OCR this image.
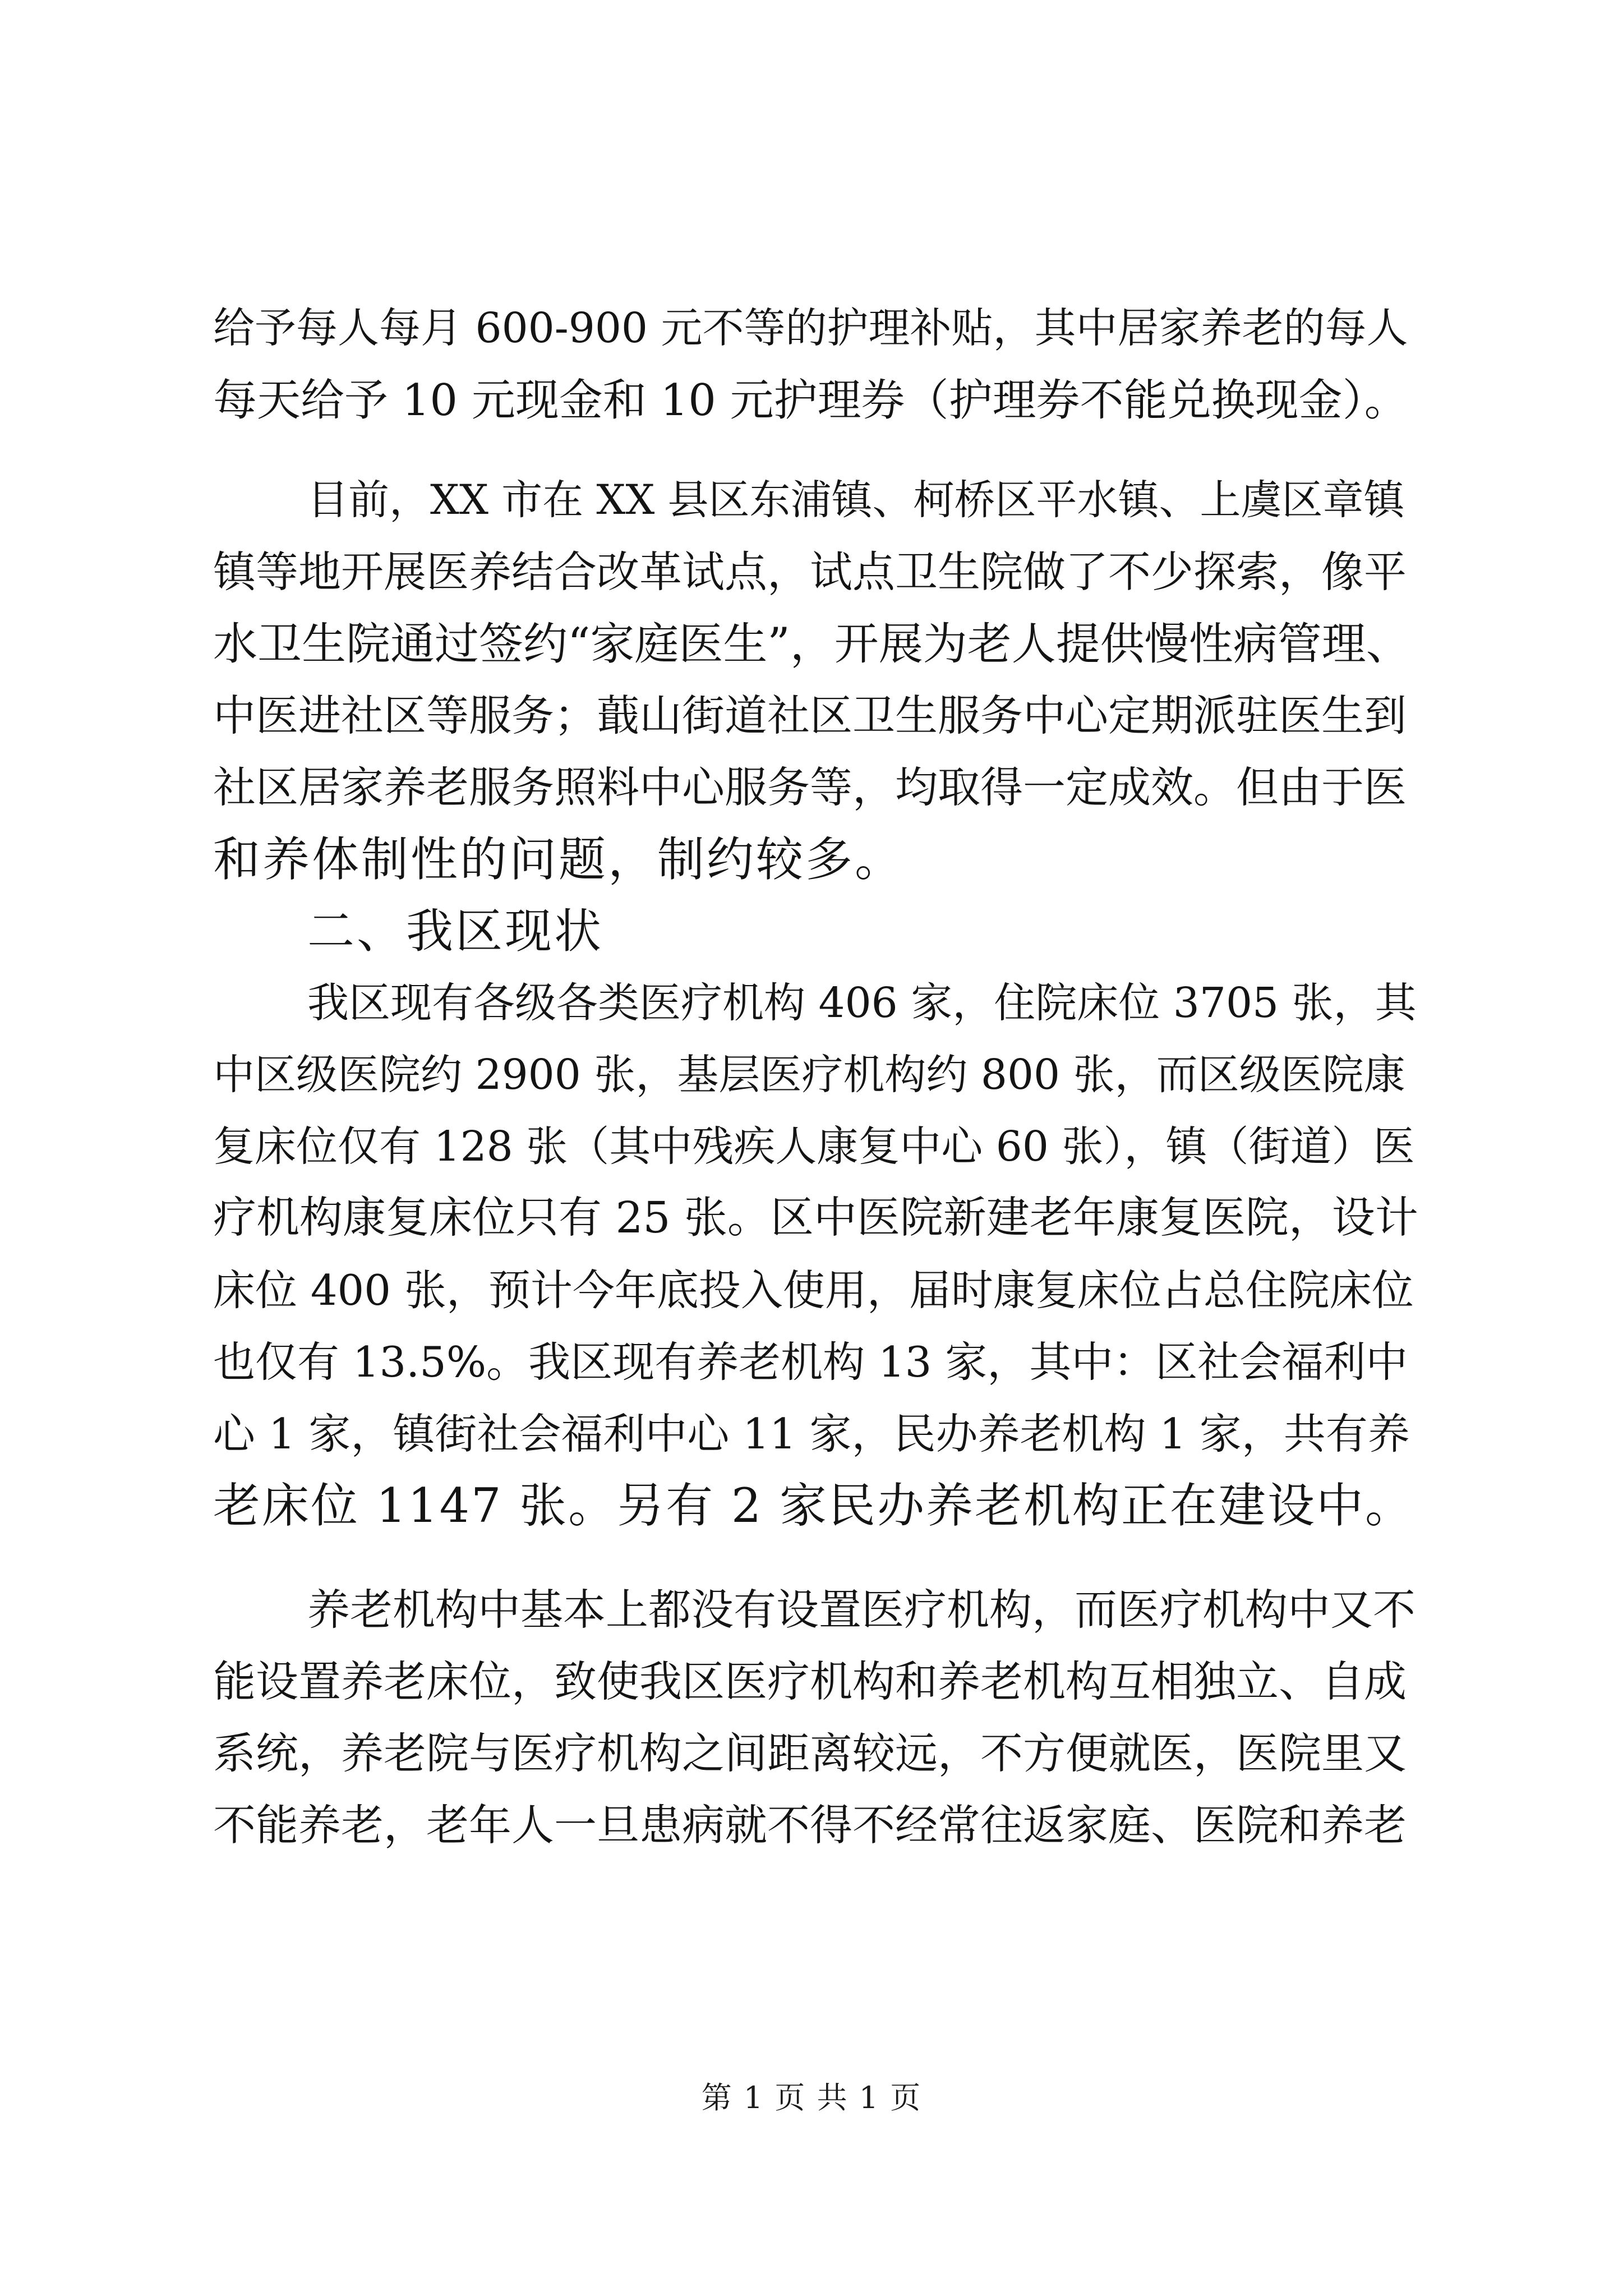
给予每人每月 600-900 元不等的护理补贴，其中居家养老的每人
每天给予 10 元现金和 10 元护理券（护理券不能兑换现金）。
目前，XX 市在 XX 县区东浦镇、柯桥区平水镇、上虞区章镇
镇等地开展医养结合改革试点，试点卫生院做了不少探索，像平
水卫生院通过签约“家庭医生”，开展为老人提供慢性病管理、
中医进社区等服务；蕺山街道社区卫生服务中心定期派驻医生到
社区居家养老服务照料中心服务等，均取得一定成效。但由于医
和养体制性的问题，制约较多。
二、我区现状
我区现有各级各类医疗机构 406 家，住院床位 3705 张，其
中区级医院约 2900 张，基层医疗机构约 800 张，而区级医院康
复床位仅有 128 张（其中残疾人康复中心 60 张），镇（街道）医
疗机构康复床位只有 25 张。区中医院新建老年康复医院，设计
床位 400 张，预计今年底投入使用，届时康复床位占总住院床位
也仅有 13.5%。我区现有养老机构 13 家，其中：区社会福利中
心 1 家，镇街社会福利中心 11 家，民办养老机构 1 家，共有养
老床位 1147 张。另有 2 家民办养老机构正在建设中。
养老机构中基本上都没有设置医疗机构，而医疗机构中又不
能设置养老床位，致使我区医疗机构和养老机构互相独立、自成
系统，养老院与医疗机构之间距离较远，不方便就医，医院里又
不能养老，老年人一旦患病就不得不经常往返家庭、医院和养老
第 1 页 共 1 页
